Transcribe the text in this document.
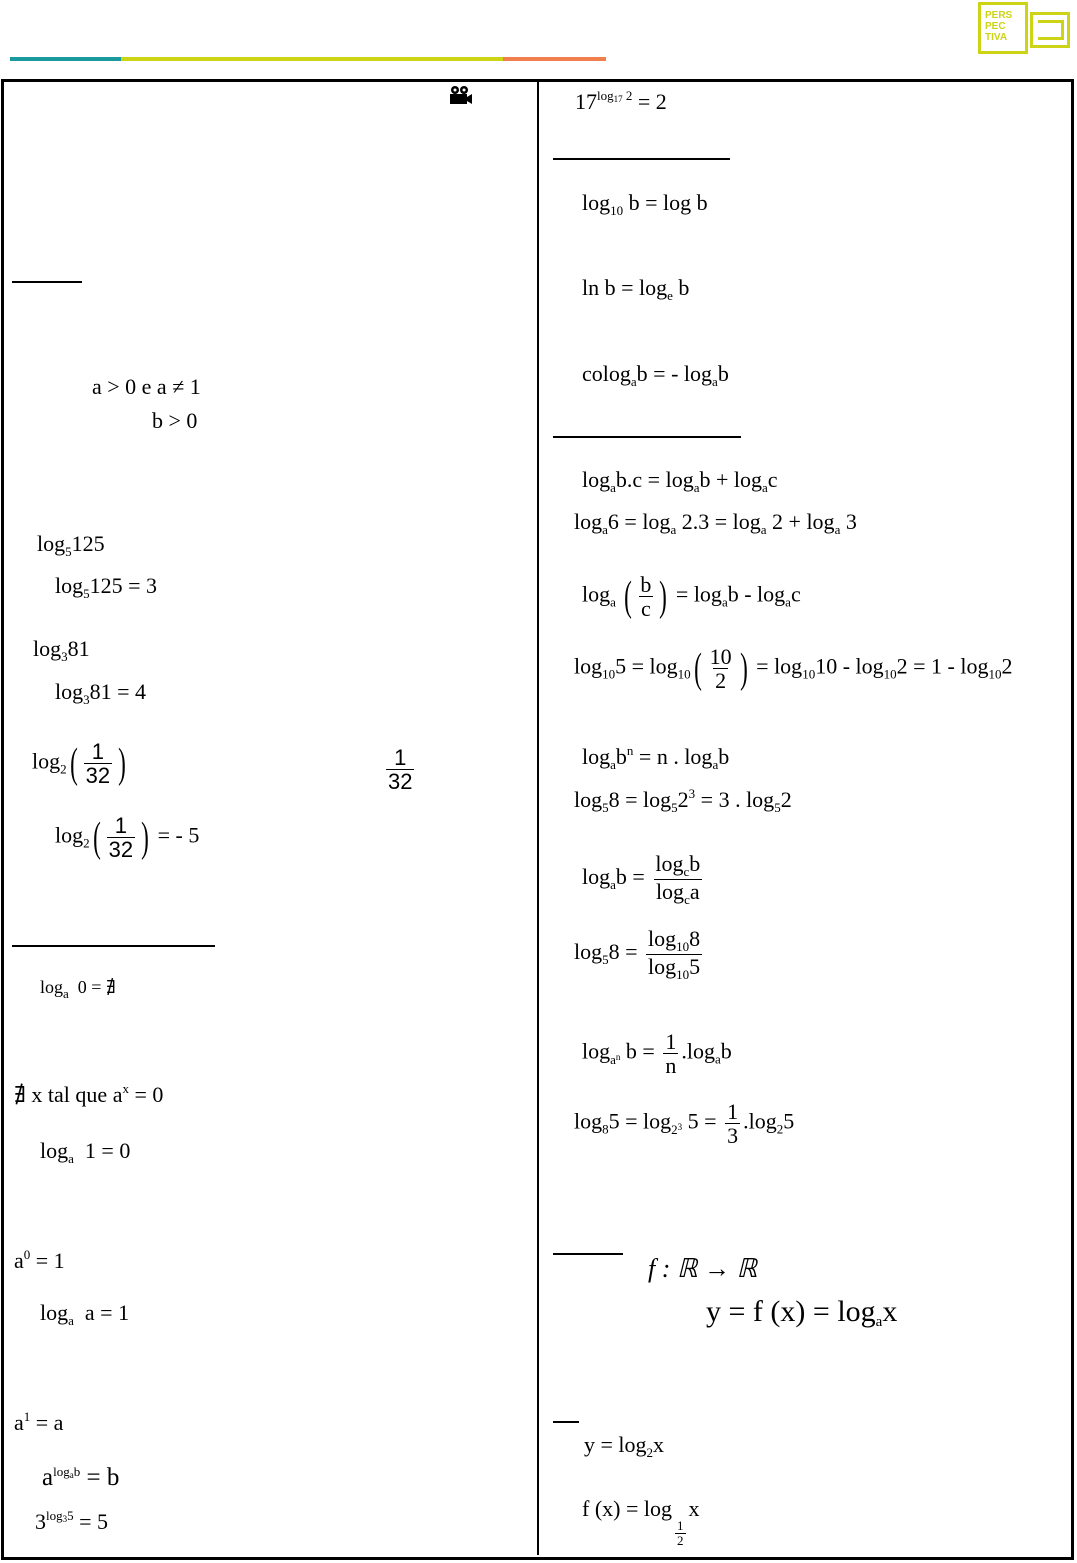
PERS
PEC
TIVA
a > 0 e a ≠ 1
b > 0
$\log_5125$
$\log_5125 = 3$
$\log_381$
$\log_381 = 4$
$\log_2$ ( $\frac{1}{32}$ )	$\frac{1}{32}$
$\log_2$ ( $\frac{1}{32}$ ) = - 5
$\log_a 0$ = ∄
∄ x tal que $a^x = 0$
$\log_a 1 = 0$
$a^0 = 1$
$\log_a a = 1$
$a^1 = a$
$a^{log_ab} = b$
$3^{log_35} = 5$
$17^{log_{17} 2} = 2$
$\log_{10} b = \log b$
$\ln b = \log_e b$
colog$_a$b = - $\log_ab$
$\log_ab.c = \log_ab + \log_ac$
$\log_a6 = \log_a 2.3 = \log_a 2 + \log_a 3$
$\log_a$ ( $\frac{b}{c}$ ) = $\log_ab - \log_ac$
$\log_{10}5 = \log_{10}$ ( $\frac{10}{2}$ ) = $\log_{10}10 - \log_{10}2 = 1 - \log_{10}2$
$\log_ab^n = n$ . $\log_ab$
$\log_58 = \log_52^3 = 3$ . $\log_52$
$\log_ab = \frac{\log_cb}{\log_ca}$
$\log_58 = \frac{\log_{10}8}{\log_{10}5}$
$\log_{a^n} b = \frac{1}{n} .\log_ab$
$\log_85 = \log_{2^3} 5 = \frac{1}{3} .\log_25$
f : ℝ → ℝ
y = f $(x) = \log_ax$
$y = \log_2x$
f (x) = log
$\frac{1}{2}$
x
